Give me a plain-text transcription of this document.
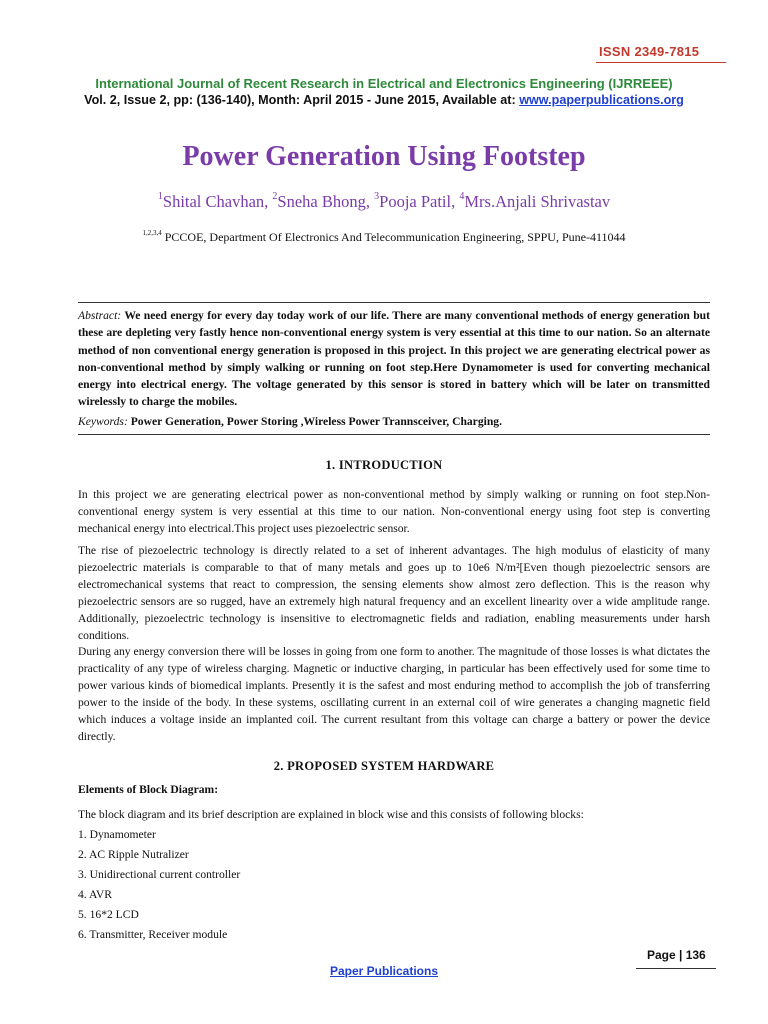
ISSN 2349-7815
International Journal of Recent Research in Electrical and Electronics Engineering (IJRREEE)
Vol. 2, Issue 2, pp: (136-140), Month: April 2015 - June 2015, Available at: www.paperpublications.org
Power Generation Using Footstep
$^1$Shital Chavhan, $^2$Sneha Bhong, $^3$Pooja Patil, $^4$Mrs.Anjali Shrivastav
$^{1,2,3,4}$ PCCOE, Department Of Electronics And Telecommunication Engineering, SPPU, Pune-411044
Abstract: We need energy for every day today work of our life. There are many conventional methods of energy generation but these are depleting very fastly hence non-conventional energy system is very essential at this time to our nation. So an alternate method of non conventional energy generation is proposed in this project. In this project we are generating electrical power as non-conventional method by simply walking or running on foot step.Here Dynamometer is used for converting mechanical energy into electrical energy. The voltage generated by this sensor is stored in battery which will be later on transmitted wirelessly to charge the mobiles.
Keywords: Power Generation, Power Storing ,Wireless Power Trannsceiver, Charging.
1. INTRODUCTION
In this project we are generating electrical power as non-conventional method by simply walking or running on foot step.Non-conventional energy system is very essential at this time to our nation. Non-conventional energy using foot step is converting mechanical energy into electrical.This project uses piezoelectric sensor.
The rise of piezoelectric technology is directly related to a set of inherent advantages. The high modulus of elasticity of many piezoelectric materials is comparable to that of many metals and goes up to 10e6 N/m²[Even though piezoelectric sensors are electromechanical systems that react to compression, the sensing elements show almost zero deflection. This is the reason why piezoelectric sensors are so rugged, have an extremely high natural frequency and an excellent linearity over a wide amplitude range. Additionally, piezoelectric technology is insensitive to electromagnetic fields and radiation, enabling measurements under harsh conditions.
During any energy conversion there will be losses in going from one form to another. The magnitude of those losses is what dictates the practicality of any type of wireless charging. Magnetic or inductive charging, in particular has been effectively used for some time to power various kinds of biomedical implants. Presently it is the safest and most enduring method to accomplish the job of transferring power to the inside of the body. In these systems, oscillating current in an external coil of wire generates a changing magnetic field which induces a voltage inside an implanted coil. The current resultant from this voltage can charge a battery or power the device directly.
2. PROPOSED SYSTEM HARDWARE
Elements of Block Diagram:
The block diagram and its brief description are explained in block wise and this consists of following blocks:
1. Dynamometer
2. AC Ripple Nutralizer
3. Unidirectional current controller
4. AVR
5. 16*2 LCD
6. Transmitter, Receiver module
Page | 136
Paper Publications
